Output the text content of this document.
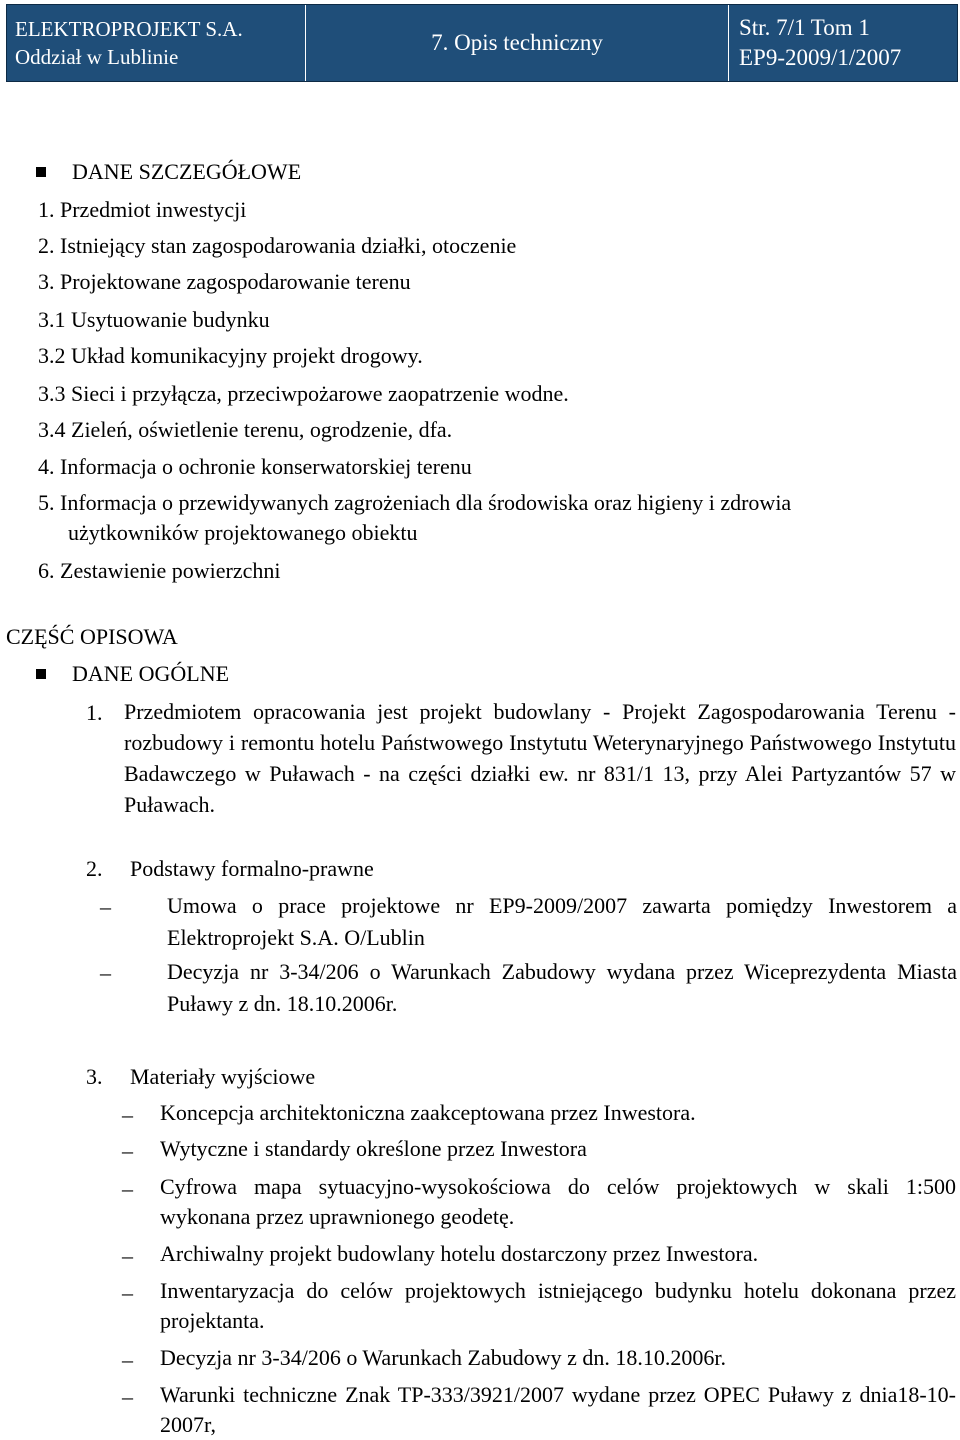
ELEKTROPROJEKT S.A.
Oddział w Lublinie
7. Opis techniczny
Str. 7/1 Tom 1
EP9-2009/1/2007
DANE SZCZEGÓŁOWE
1. Przedmiot inwestycji
2. Istniejący stan zagospodarowania działki, otoczenie
3. Projektowane zagospodarowanie terenu
3.1 Usytuowanie budynku
3.2 Układ komunikacyjny projekt drogowy.
3.3 Sieci i przyłącza, przeciwpożarowe zaopatrzenie wodne.
3.4 Zieleń, oświetlenie terenu, ogrodzenie, dfa.
4. Informacja o ochronie konserwatorskiej terenu
5. Informacja o przewidywanych zagrożeniach dla środowiska oraz higieny i zdrowia
użytkowników projektowanego obiektu
6. Zestawienie powierzchni
CZĘŚĆ OPISOWA
DANE OGÓLNE
1. Przedmiotem opracowania jest projekt budowlany - Projekt Zagospodarowania Terenu - rozbudowy i remontu hotelu Państwowego Instytutu Weterynaryjnego Państwowego Instytutu Badawczego w Puławach - na części działki ew. nr 831/1 13, przy Alei Partyzantów 57 w Puławach.
2. Podstawy formalno-prawne
–	Umowa o prace projektowe nr EP9-2009/2007 zawarta pomiędzy Inwestorem a Elektroprojekt S.A. O/Lublin
–	Decyzja nr 3-34/206 o Warunkach Zabudowy wydana przez Wiceprezydenta Miasta Puławy z dn. 18.10.2006r.
3. Materiały wyjściowe
– Koncepcja architektoniczna zaakceptowana przez Inwestora.
– Wytyczne i standardy określone przez Inwestora
– Cyfrowa mapa sytuacyjno-wysokościowa do celów projektowych w skali 1:500 wykonana przez uprawnionego geodetę.
– Archiwalny projekt budowlany hotelu dostarczony przez Inwestora.
– Inwentaryzacja do celów projektowych istniejącego budynku hotelu dokonana przez projektanta.
– Decyzja nr 3-34/206 o Warunkach Zabudowy z dn. 18.10.2006r.
– Warunki techniczne Znak TP-333/3921/2007 wydane przez OPEC Puławy z dnia18-10-2007r,
